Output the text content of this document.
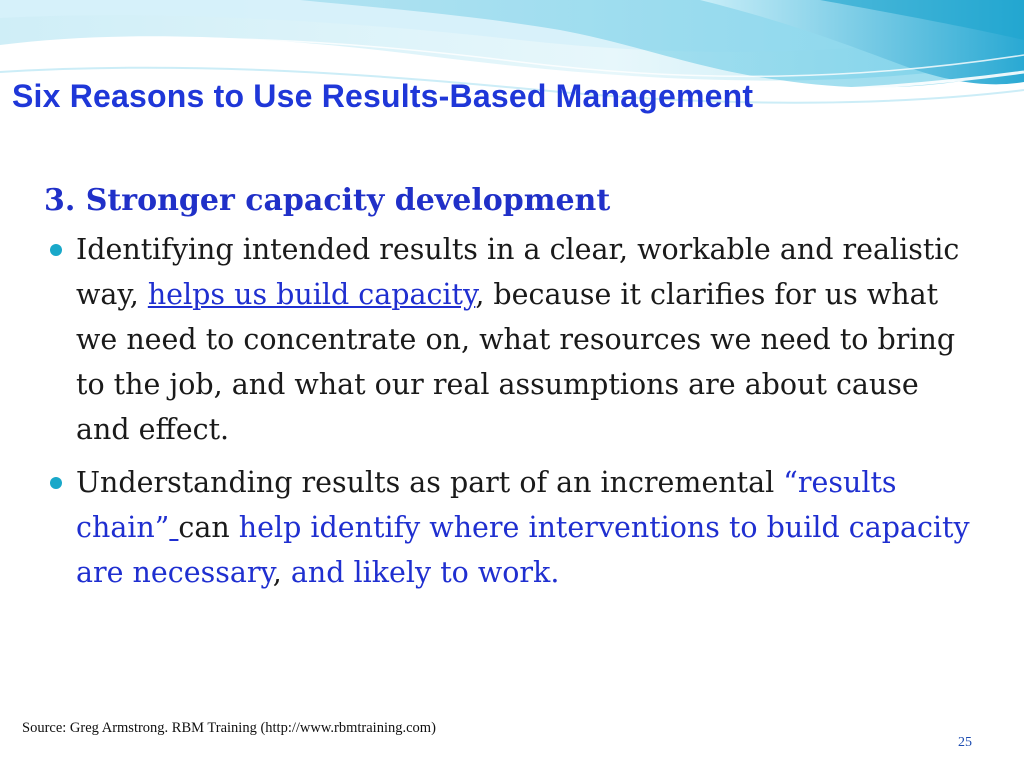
Six Reasons to Use Results-Based Management

3. Stronger capacity development

Identifying intended results in a clear, workable and realistic way, helps us build capacity, because it clarifies for us what we need to concentrate on, what resources we need to bring to the job, and what our real assumptions are about cause and effect.
Understanding results as part of an incremental “results chain” can help identify where interventions to build capacity are necessary, and likely to work.

Source: Greg Armstrong. RBM Training (http://www.rbmtraining.com)

25
